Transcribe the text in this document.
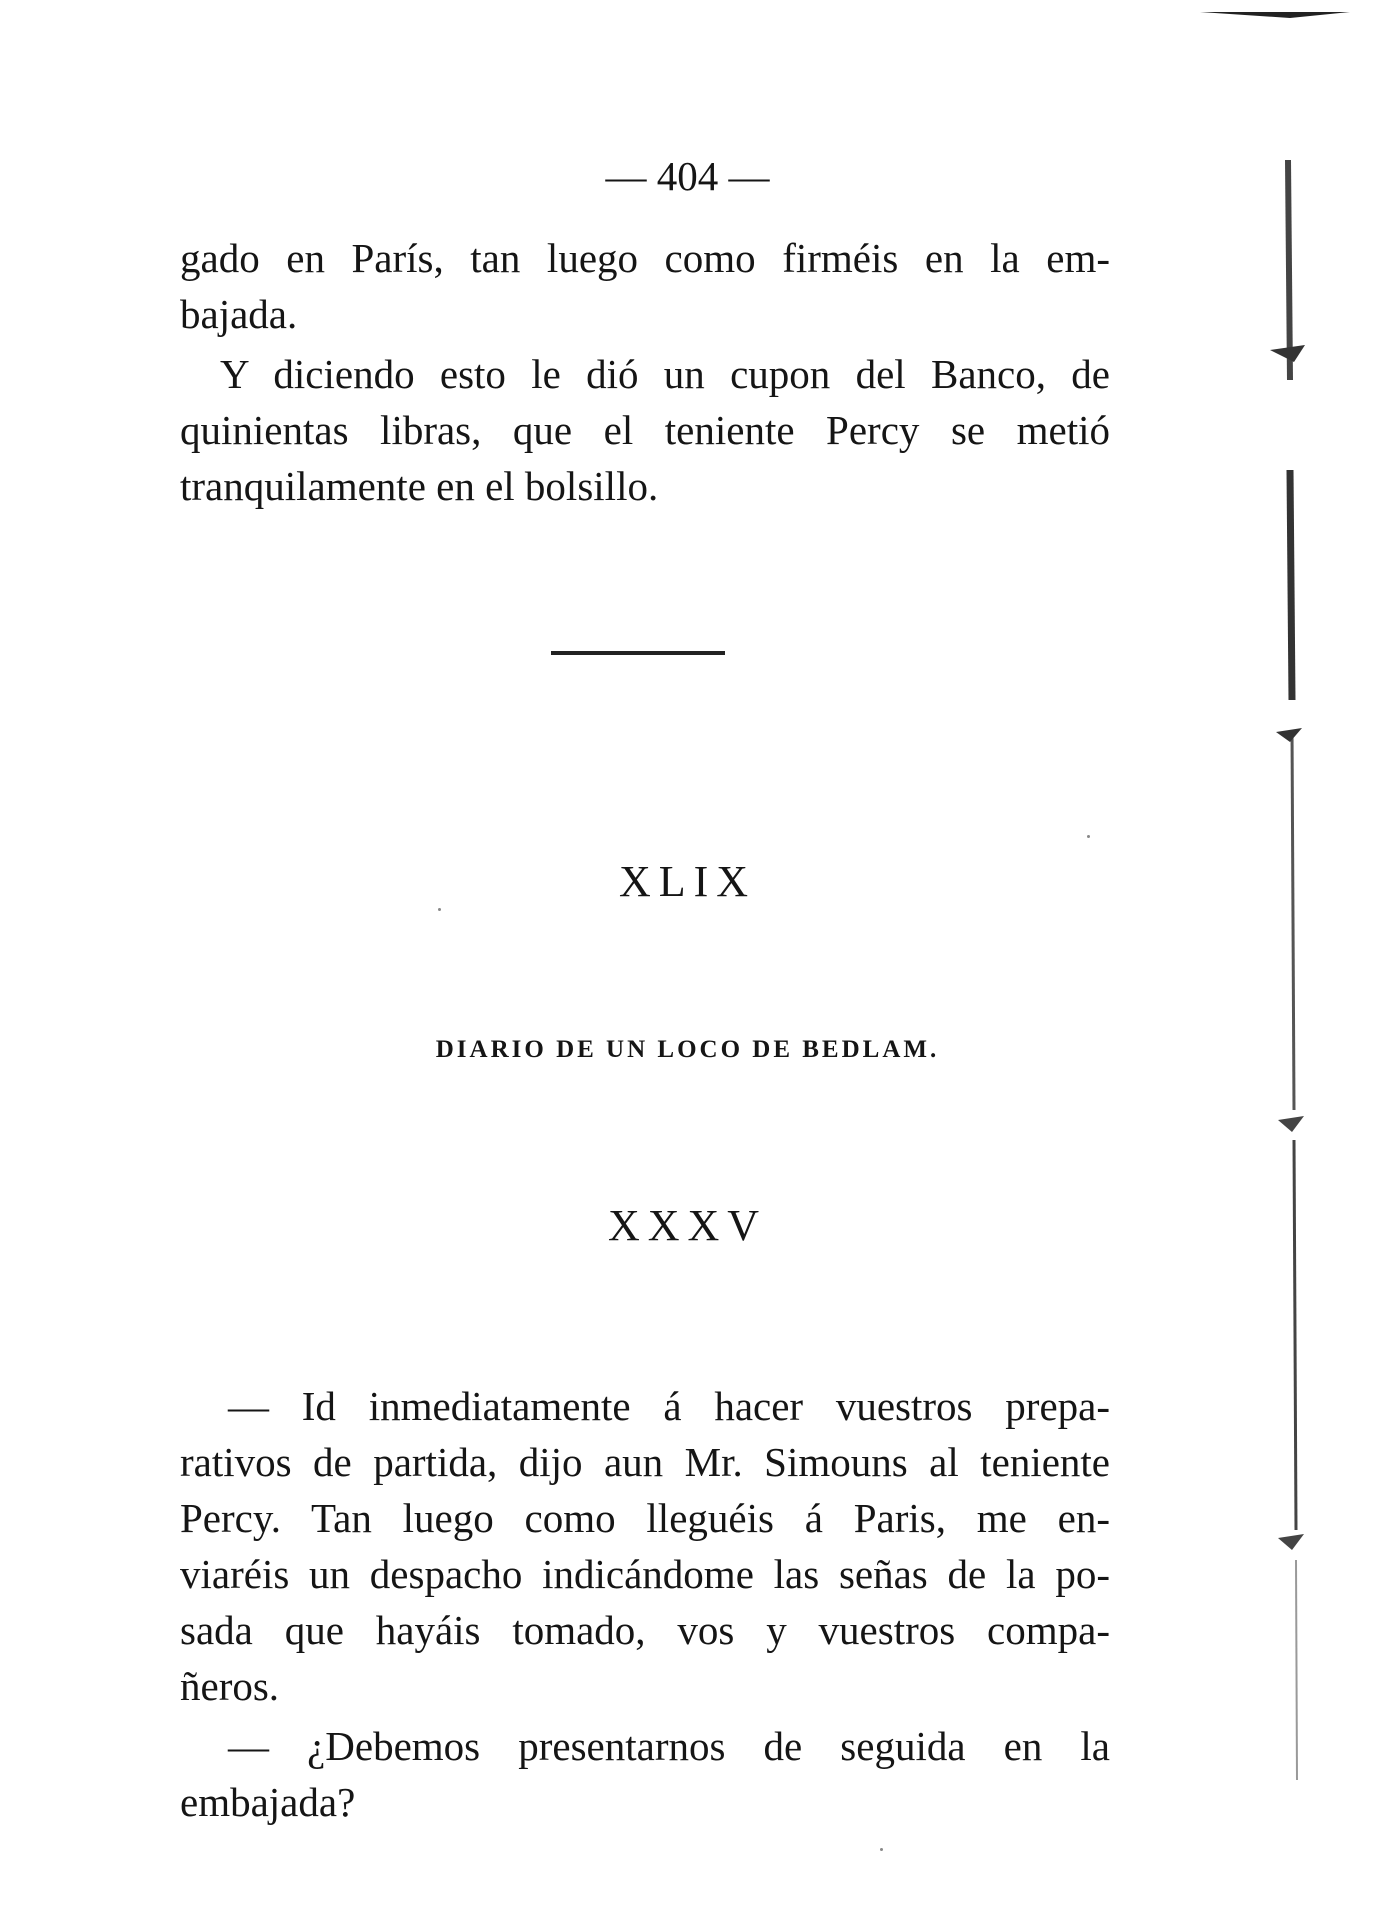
— 404 —
gado en París, tan luego como firméis en la em-
bajada.
Y diciendo esto le dió un cupon del Banco, de
quinientas libras, que el teniente Percy se metió
tranquilamente en el bolsillo.
XLIX
DIARIO DE UN LOCO DE BEDLAM.
XXXV
— Id inmediatamente á hacer vuestros prepa-
rativos de partida, dijo aun Mr. Simouns al teniente
Percy. Tan luego como lleguéis á Paris, me en-
viaréis un despacho indicándome las señas de la po-
sada que hayáis tomado, vos y vuestros compa-
ñeros.
— ¿Debemos presentarnos de seguida en la
embajada?
